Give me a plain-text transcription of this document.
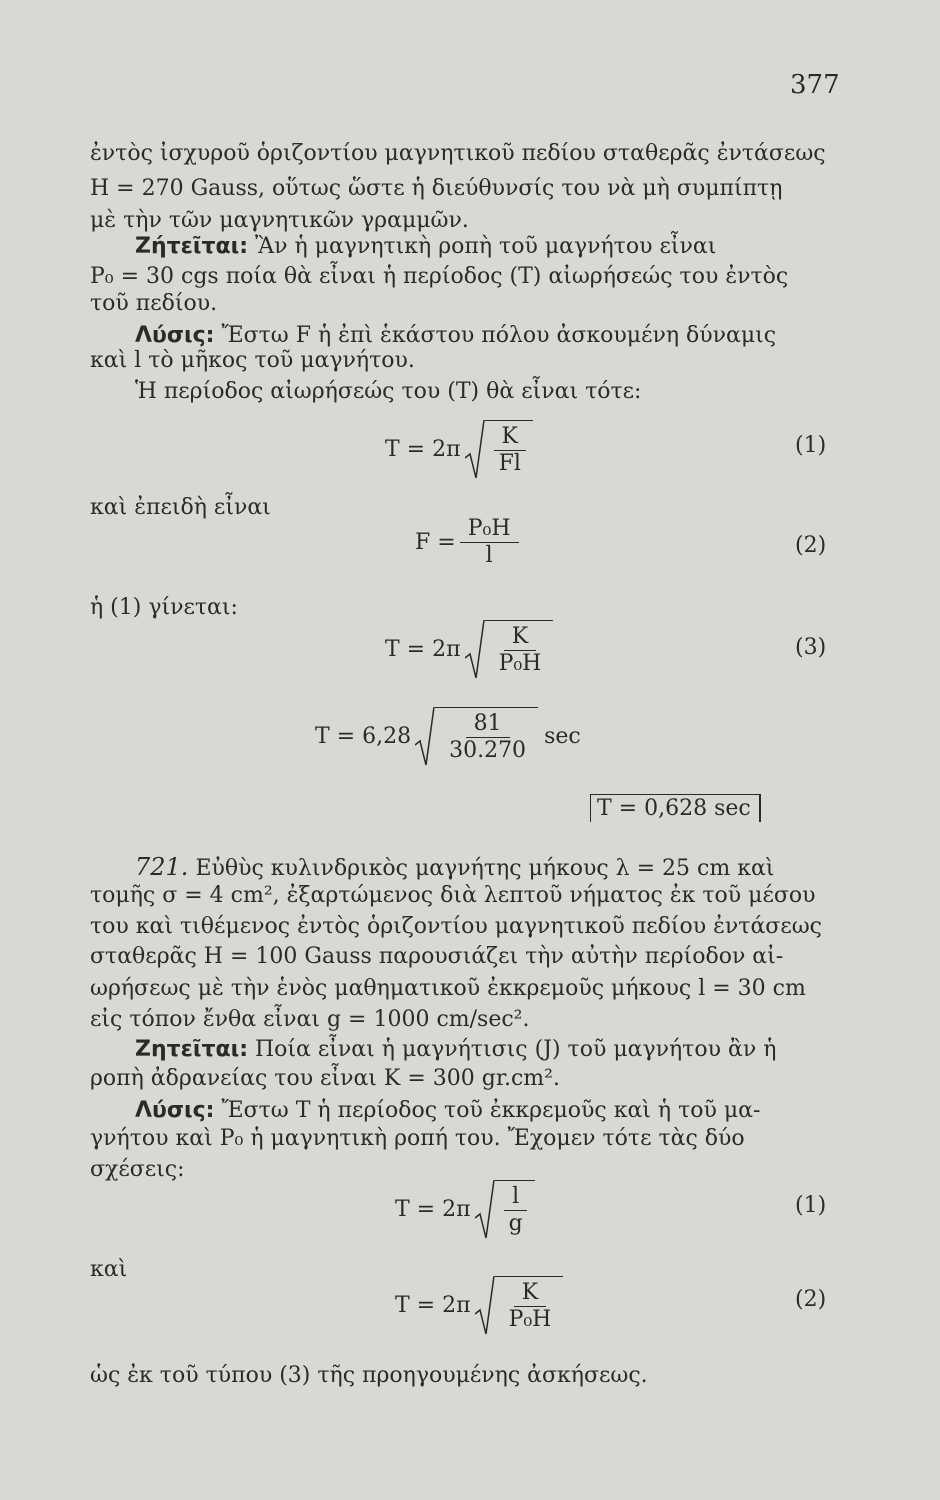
377
ἐντὸς ἰσχυροῦ ὁριζοντίου μαγνητικοῦ πεδίου σταθερᾶς ἐντάσεως
H = 270 Gauss, οὕτως ὥστε ἡ διεύθυνσίς του νὰ μὴ συμπίπτῃ
μὲ τὴν τῶν μαγνητικῶν γραμμῶν.
Ζήτεῖται: Ἂν ἡ μαγνητικὴ ροπὴ τοῦ μαγνήτου εἶναι
P₀ = 30 cgs ποία θὰ εἶναι ἡ περίοδος (T) αἰωρήσεώς του ἐντὸς
τοῦ πεδίου.
Λύσις: Ἔστω F ἡ ἐπὶ ἑκάστου πόλου ἀσκουμένη δύναμις
καὶ l τὸ μῆκος τοῦ μαγνήτου.
Ἡ περίοδος αἰωρήσεώς του (T) θὰ εἶναι τότε:
$T = 2\pi \frac{K}{Fl}$	(1)
καὶ ἐπειδὴ εἶναι
$F = \frac{\text{P₀H}}{l}$	(2)
ἡ (1) γίνεται:
$T = 2\pi \frac{K}{\text{P₀H}}$	(3)
$T = 6,28 \frac{81}{30.270}$ sec
T = 0,628 sec
721. Εὐθὺς κυλινδρικὸς μαγνήτης μήκους λ = 25 cm καὶ
τομῆς σ = 4 cm², ἐξαρτώμενος διὰ λεπτοῦ νήματος ἐκ τοῦ μέσου
του καὶ τιθέμενος ἐντὸς ὁριζοντίου μαγνητικοῦ πεδίου ἐντάσεως
σταθερᾶς H = 100 Gauss παρουσιάζει τὴν αὐτὴν περίοδον αἰ-
ωρήσεως μὲ τὴν ἑνὸς μαθηματικοῦ ἐκκρεμοῦς μήκους l = 30 cm
εἰς τόπον ἔνθα εἶναι g = 1000 cm/sec².
Ζητεῖται: Ποία εἶναι ἡ μαγνήτισις (J) τοῦ μαγνήτου ἂν ἡ
ροπὴ ἀδρανείας του εἶναι K = 300 gr.cm².
Λύσις: Ἔστω T ἡ περίοδος τοῦ ἐκκρεμοῦς καὶ ἡ τοῦ μα-
γνήτου καὶ P₀ ἡ μαγνητικὴ ροπή του. Ἔχομεν τότε τὰς δύο
σχέσεις:
$T = 2\pi \frac{l}{g}$	(1)
καὶ
$T = 2\pi \frac{K}{\text{P₀H}}$	(2)
ὡς ἐκ τοῦ τύπου (3) τῆς προηγουμένης ἀσκήσεως.
